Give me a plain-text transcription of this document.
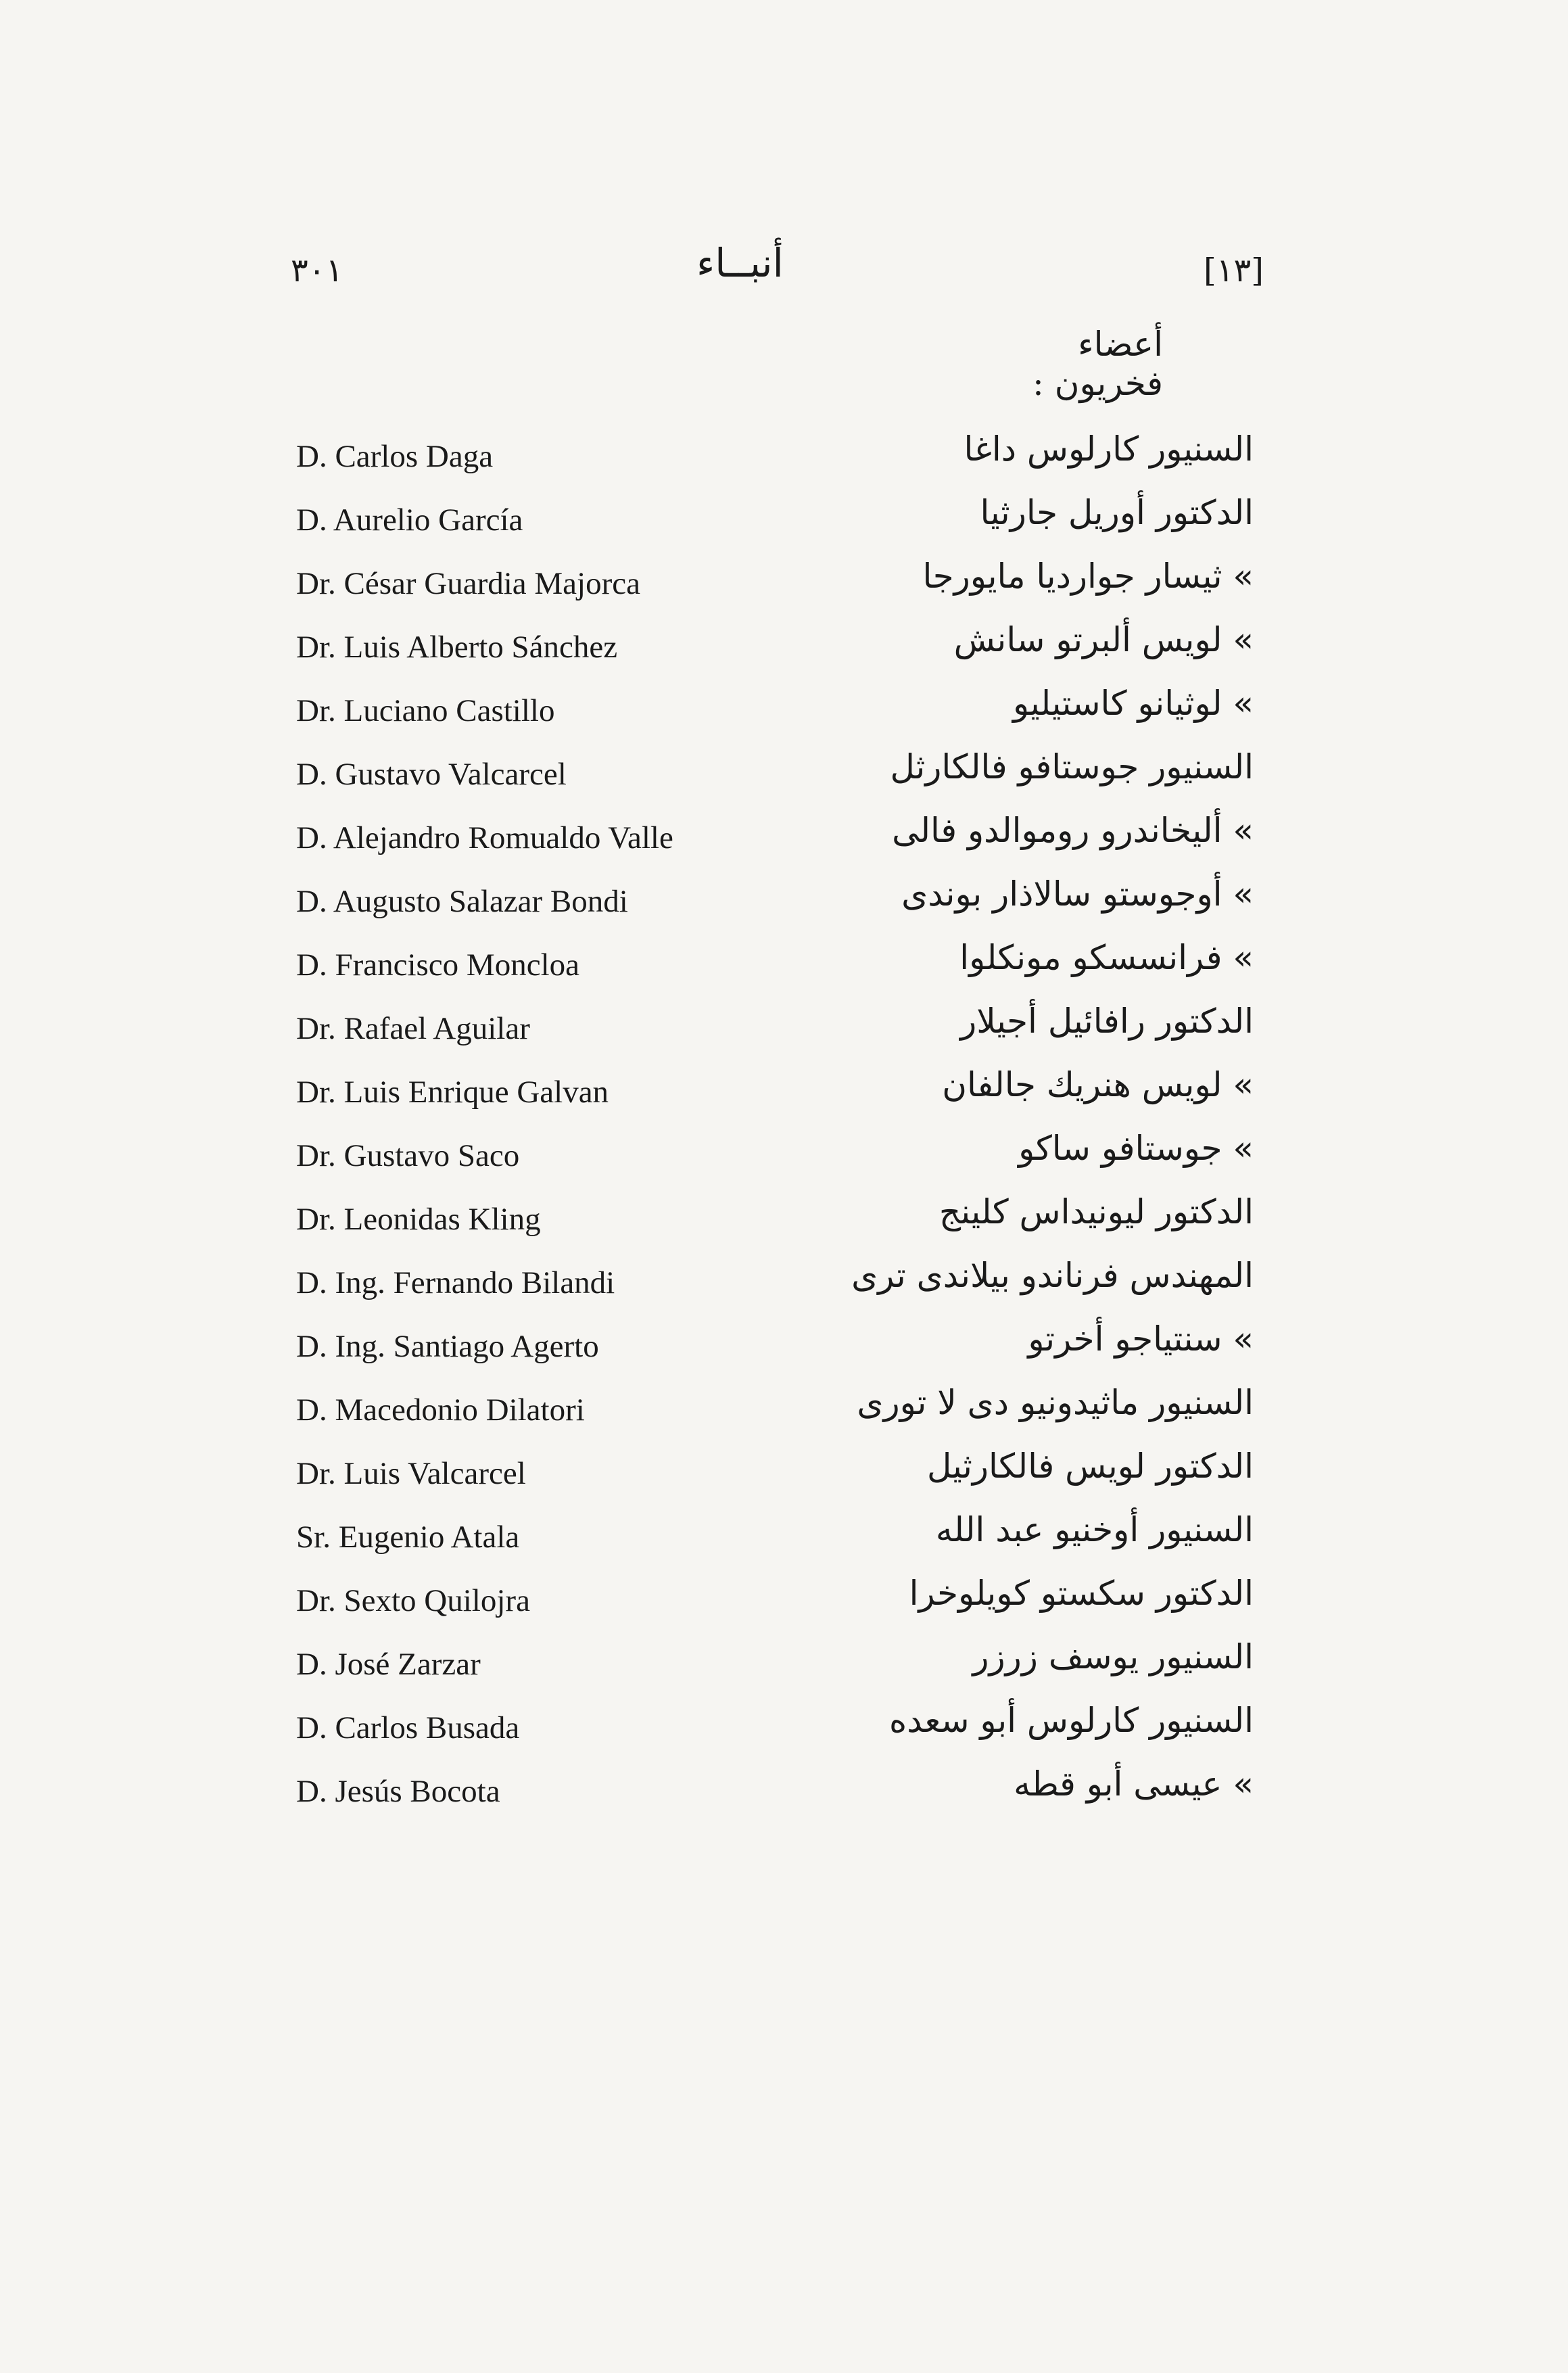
٣٠١	أنبــاء	[١٣]
أعضاء فخريون :
D. Carlos Daga	السنيور كارلوس داغا
D. Aurelio García	الدكتور أوريل جارثيا
Dr. César Guardia Majorca	» ثيسار جوارديا مايورجا
Dr. Luis Alberto Sánchez	» لويس ألبرتو سانش
Dr. Luciano Castillo	» لوثيانو كاستيليو
D. Gustavo Valcarcel	السنيور جوستافو فالكارثل
D. Alejandro Romualdo Valle	» أليخاندرو روموالدو فالى
D. Augusto Salazar Bondi	» أوجوستو سالاذار بوندى
D. Francisco Moncloa	» فرانسسكو مونكلوا
Dr. Rafael Aguilar	الدكتور رافائيل أجيلار
Dr. Luis Enrique Galvan	» لويس هنريك جالفان
Dr. Gustavo Saco	» جوستافو ساكو
Dr. Leonidas Kling	الدكتور ليونيداس كلينج
D. Ing. Fernando Bilandi	المهندس فرناندو بيلاندى ترى
D. Ing. Santiago Agerto	» سنتياجو أخرتو
D. Macedonio Dilatori	السنيور ماثيدونيو دى لا تورى
Dr. Luis Valcarcel	الدكتور لويس فالكارثيل
Sr. Eugenio Atala	السنيور أوخنيو عبد الله
Dr. Sexto Quilojra	الدكتور سكستو كويلوخرا
D. José Zarzar	السنيور يوسف زرزر
D. Carlos Busada	السنيور كارلوس أبو سعده
D. Jesús Bocota	» عيسى أبو قطه
